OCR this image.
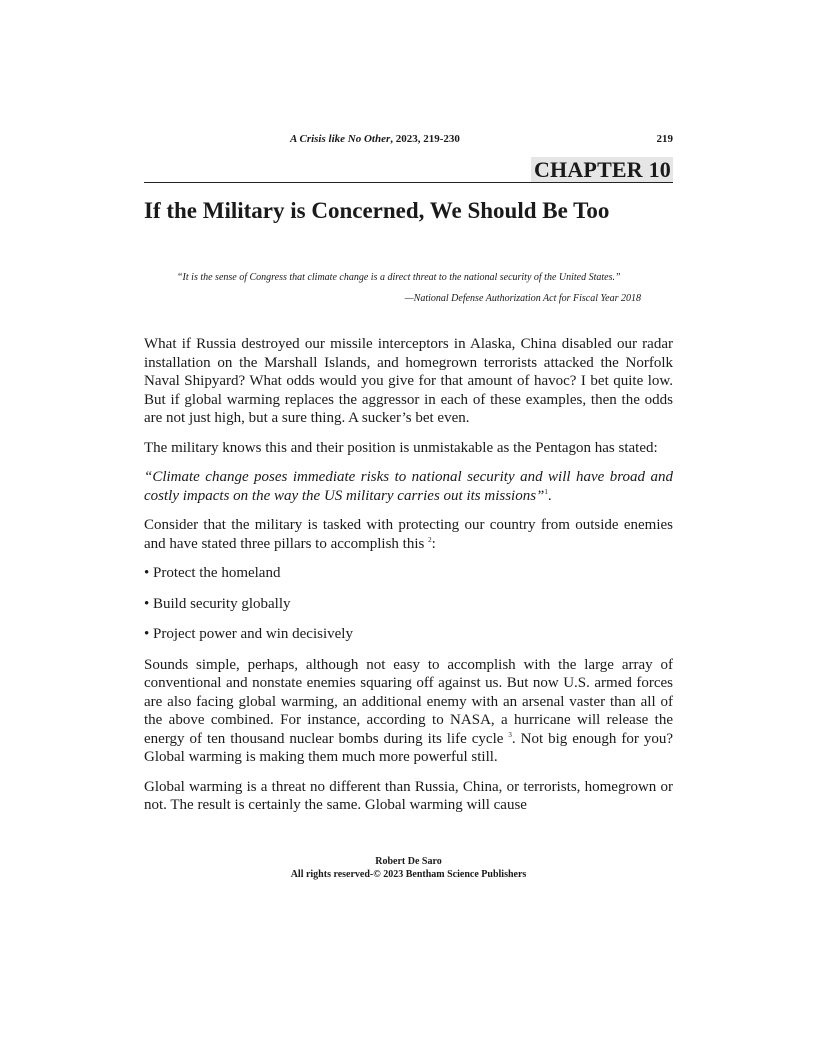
A Crisis like No Other, 2023, 219-230	219
CHAPTER 10
If the Military is Concerned, We Should Be Too

“It is the sense of Congress that climate change is a direct threat to the national security of the United States.”

—National Defense Authorization Act for Fiscal Year 2018

What if Russia destroyed our missile interceptors in Alaska, China disabled our radar installation on the Marshall Islands, and homegrown terrorists attacked the Norfolk Naval Shipyard? What odds would you give for that amount of havoc? I bet quite low. But if global warming replaces the aggressor in each of these examples, then the odds are not just high, but a sure thing. A sucker’s bet even.

The military knows this and their position is unmistakable as the Pentagon has stated:

“Climate change poses immediate risks to national security and will have broad and costly impacts on the way the US military carries out its missions”$^1$.

Consider that the military is tasked with protecting our country from outside enemies and have stated three pillars to accomplish this $^2$:

• Protect the homeland

• Build security globally

• Project power and win decisively

Sounds simple, perhaps, although not easy to accomplish with the large array of conventional and nonstate enemies squaring off against us. But now U.S. armed forces are also facing global warming, an additional enemy with an arsenal vaster than all of the above combined. For instance, according to NASA, a hurricane will release the energy of ten thousand nuclear bombs during its life cycle $^3$. Not big enough for you? Global warming is making them much more powerful still.

Global warming is a threat no different than Russia, China, or terrorists, homegrown or not. The result is certainly the same. Global warming will cause

Robert De Saro
All rights reserved-© 2023 Bentham Science Publishers
